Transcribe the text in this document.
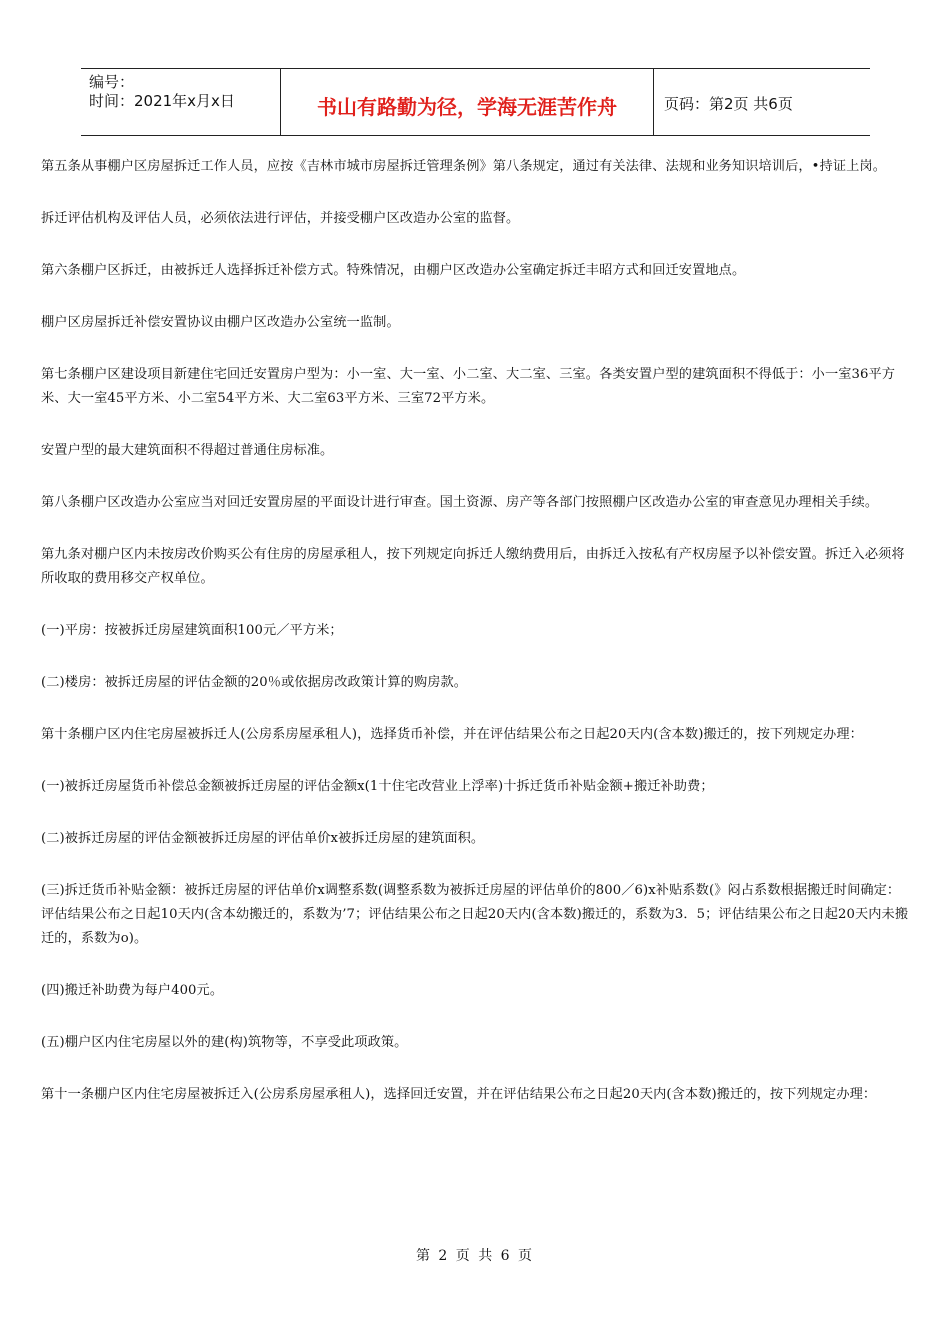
编号：
时间：2021年x月x日	书山有路勤为径，学海无涯苦作舟	页码：第2页 共6页

第五条从事棚户区房屋拆迁工作人员，应按《吉林市城市房屋拆迁管理条例》第八条规定，通过有关法律、法规和业务知识培训后，•持证上岗。

拆迁评估机构及评估人员，必须依法进行评估，并接受棚户区改造办公室的监督。

第六条棚户区拆迁，由被拆迁人选择拆迁补偿方式。特殊情况，由棚户区改造办公室确定拆迁丰昭方式和回迁安置地点。

棚户区房屋拆迁补偿安置协议由棚户区改造办公室统一监制。

第七条棚户区建设项目新建住宅回迁安置房户型为：小一室、大一室、小二室、大二室、三室。各类安置户型的建筑面积不得低于：小一室36平方米、大一室45平方米、小二室54平方米、大二室63平方米、三室72平方米。

安置户型的最大建筑面积不得超过普通住房标准。

第八条棚户区改造办公室应当对回迁安置房屋的平面设计进行审查。国土资源、房产等各部门按照棚户区改造办公室的审查意见办理相关手续。

第九条对棚户区内未按房改价购买公有住房的房屋承租人，按下列规定向拆迁人缴纳费用后，由拆迁入按私有产权房屋予以补偿安置。拆迁入必须将所收取的费用移交产权单位。

(一)平房：按被拆迁房屋建筑面积100元／平方米；

(二)楼房：被拆迁房屋的评估金额的20％或依据房改政策计算的购房款。

第十条棚户区内住宅房屋被拆迁人(公房系房屋承租人)，选择货币补偿，并在评估结果公布之日起20天内(含本数)搬迁的，按下列规定办理：

(一)被拆迁房屋货币补偿总金额被拆迁房屋的评估金额x(1十住宅改营业上浮率)十拆迁货币补贴金额+搬迁补助费；

(二)被拆迁房屋的评估金额被拆迁房屋的评估单价x被拆迁房屋的建筑面积。

(三)拆迁货币补贴金额：被拆迁房屋的评估单价x调整系数(调整系数为被拆迁房屋的评估单价的800／6)x补贴系数(》闷占系数根据搬迁时间确定：评估结果公布之日起10天内(含本幼搬迁的，系数为’7；评估结果公布之日起20天内(含本数)搬迁的，系数为3．5；评估结果公布之日起20天内未搬迁的，系数为o)。

(四)搬迁补助费为每户400元。

(五)棚户区内住宅房屋以外的建(构)筑物等，不享受此项政策。

第十一条棚户区内住宅房屋被拆迁入(公房系房屋承租人)，选择回迁安置，并在评估结果公布之日起20天内(含本数)搬迁的，按下列规定办理：

第 2 页 共 6 页
